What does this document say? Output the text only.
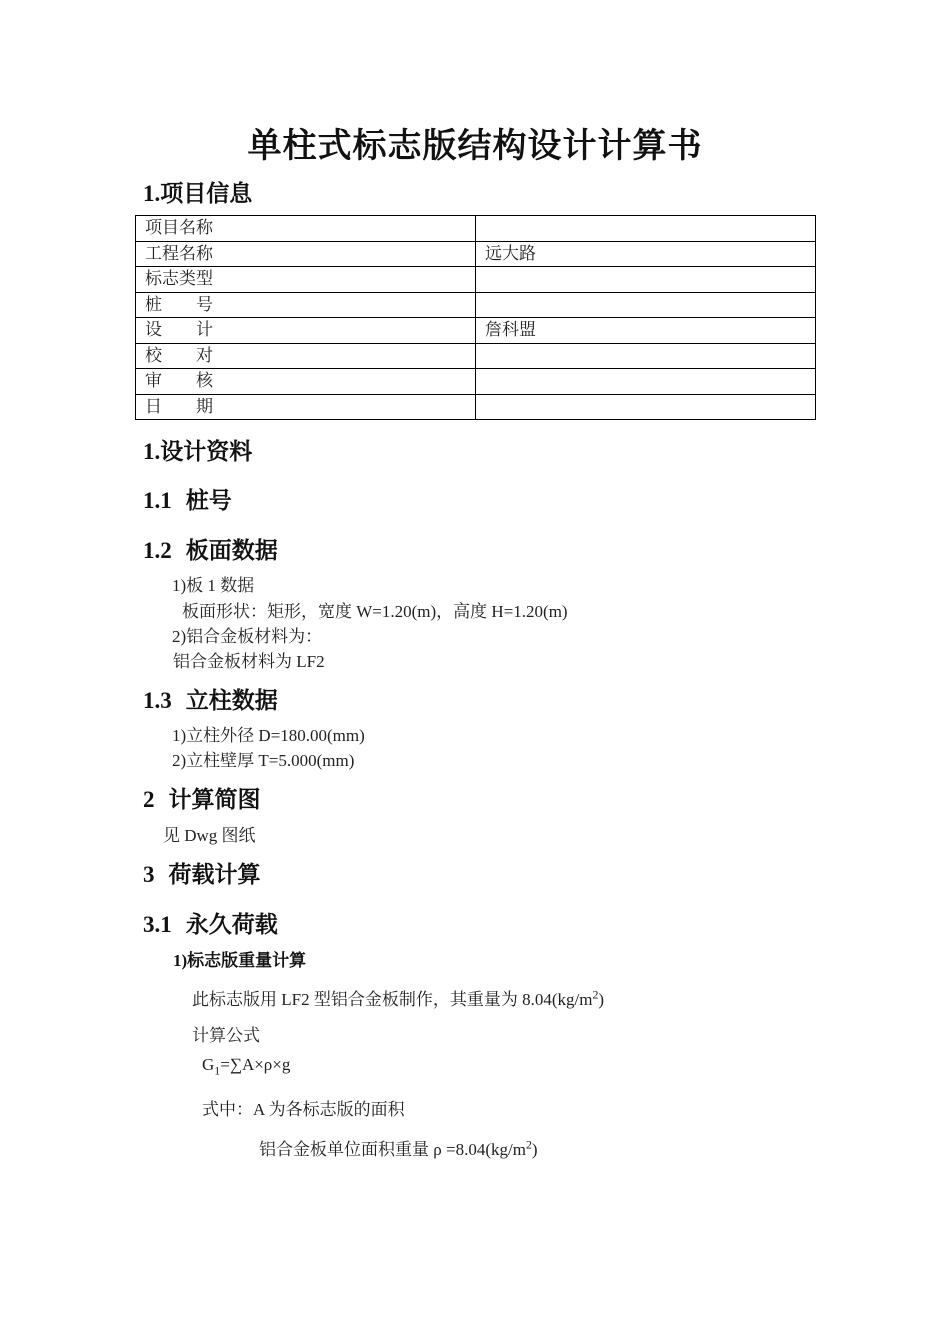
单柱式标志版结构设计计算书
1.项目信息
项目名称	
工程名称	远大路
标志类型	
桩　　号	
设　　计	詹科盟
校　　对	
审　　核	
日　　期	
1.设计资料
1.1 桩号
1.2 板面数据
1)板 1 数据
板面形状：矩形，宽度 W=1.20(m)，高度 H=1.20(m)
2)铝合金板材料为：
铝合金板材料为 LF2
1.3 立柱数据
1)立柱外径 D=180.00(mm)
2)立柱壁厚 T=5.000(mm)
2 计算简图
见 Dwg 图纸
3 荷载计算
3.1 永久荷载
1)标志版重量计算
此标志版用 LF2 型铝合金板制作，其重量为 $8.04(kg/m^2)$
计算公式
$G_1=\sum A\times\rho\times g$
式中：A 为各标志版的面积
铝合金板单位面积重量 $\rho =8.04(kg/m^2)$
